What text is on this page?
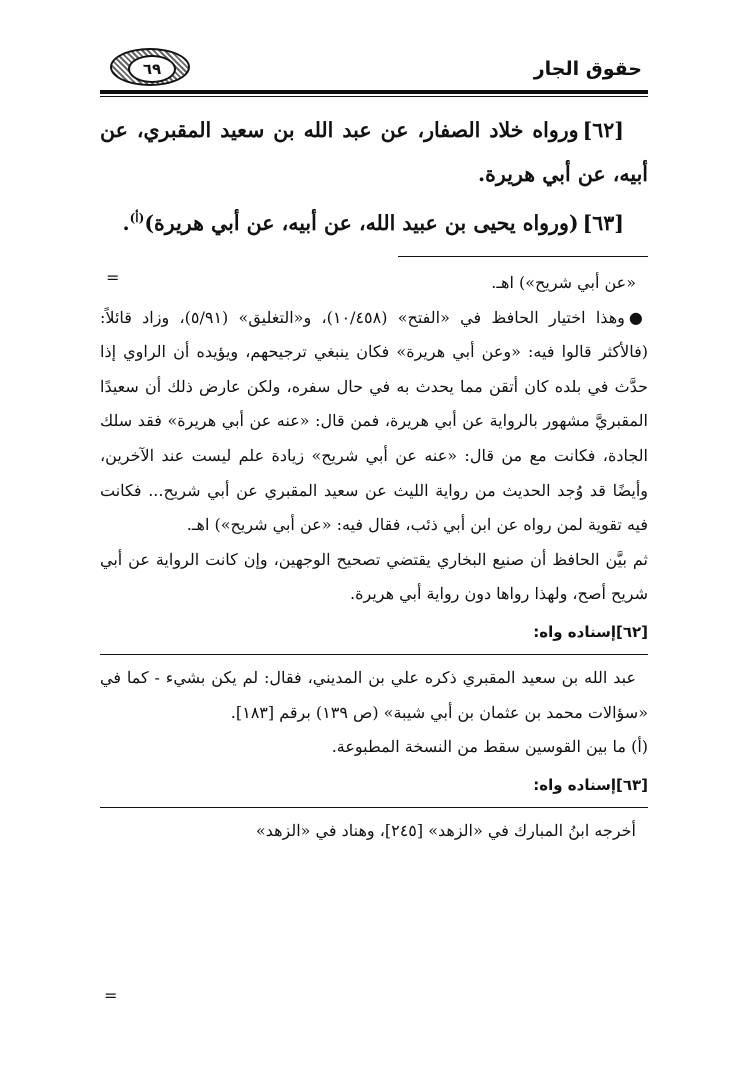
حقوق الجار
٦٩

[٦٢]ورواه خلاد الصفار، عن عبد الله بن سعيد المقبري، عن أبيه، عن أبي هريرة.

[٦٣](ورواه يحيى بن عبيد الله، عن أبيه، عن أبي هريرة)$^{(أ)}$.

=	«عن أبي شريح») اهـ.

●وهذا اختيار الحافظ في «الفتح» (١٠/٤٥٨)، و«التغليق» (٥/٩١)، وزاد قائلاً: (فالأكثر قالوا فيه: «وعن أبي هريرة» فكان ينبغي ترجيحهم، ويؤيده أن الراوي إذا حدَّث في بلده كان أتقن مما يحدث به في حال سفره، ولكن عارض ذلك أن سعيدًا المقبريَّ مشهور بالرواية عن أبي هريرة، فمن قال: «عنه عن أبي هريرة» فقد سلك الجادة، فكانت مع من قال: «عنه عن أبي شريح» زيادة علم ليست عند الآخرين، وأيضًا قد وُجد الحديث من رواية الليث عن سعيد المقبري عن أبي شريح... فكانت فيه تقوية لمن رواه عن ابن أبي ذئب، فقال فيه: «عن أبي شريح») اهـ.

ثم بيَّن الحافظ أن صنيع البخاري يقتضي تصحيح الوجهين، وإن كانت الرواية عن أبي شريح أصح، ولهذا رواها دون رواية أبي هريرة.

[٦٢]إسناده واه:

عبد الله بن سعيد المقبري ذكره علي بن المديني، فقال: لم يكن بشيء - كما في «سؤالات محمد بن عثمان بن أبي شيبة» (ص ١٣٩) برقم [١٨٣].

(أ) ما بين القوسين سقط من النسخة المطبوعة.

[٦٣]إسناده واه:

أخرجه ابنُ المبارك في «الزهد» [٢٤٥]، وهناد في «الزهد»

=
